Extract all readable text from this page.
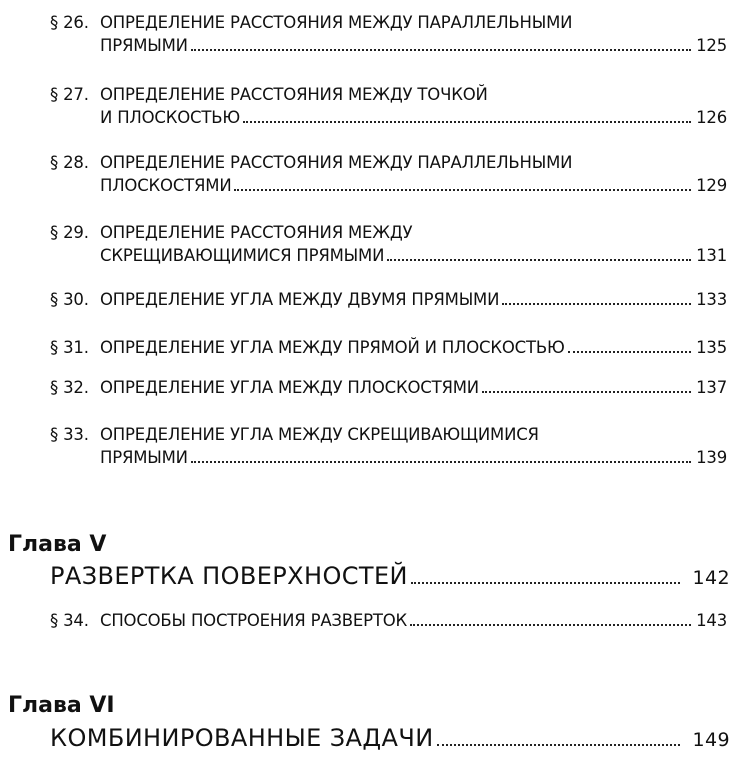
§ 26. ОПРЕДЕЛЕНИЕ РАССТОЯНИЯ МЕЖДУ ПАРАЛЛЕЛЬНЫМИ
ПРЯМЫМИ	125
§ 27. ОПРЕДЕЛЕНИЕ РАССТОЯНИЯ МЕЖДУ ТОЧКОЙ
И ПЛОСКОСТЬЮ	126
§ 28. ОПРЕДЕЛЕНИЕ РАССТОЯНИЯ МЕЖДУ ПАРАЛЛЕЛЬНЫМИ
ПЛОСКОСТЯМИ	129
§ 29. ОПРЕДЕЛЕНИЕ РАССТОЯНИЯ МЕЖДУ
СКРЕЩИВАЮЩИМИСЯ ПРЯМЫМИ	131
§ 30. ОПРЕДЕЛЕНИЕ УГЛА МЕЖДУ ДВУМЯ ПРЯМЫМИ	133
§ 31. ОПРЕДЕЛЕНИЕ УГЛА МЕЖДУ ПРЯМОЙ И ПЛОСКОСТЬЮ	135
§ 32. ОПРЕДЕЛЕНИЕ УГЛА МЕЖДУ ПЛОСКОСТЯМИ	137
§ 33. ОПРЕДЕЛЕНИЕ УГЛА МЕЖДУ СКРЕЩИВАЮЩИМИСЯ
ПРЯМЫМИ	139
Глава V
РАЗВЕРТКА ПОВЕРХНОСТЕЙ	142
§ 34. СПОСОБЫ ПОСТРОЕНИЯ РАЗВЕРТОК	143
Глава VI
КОМБИНИРОВАННЫЕ ЗАДАЧИ	149
